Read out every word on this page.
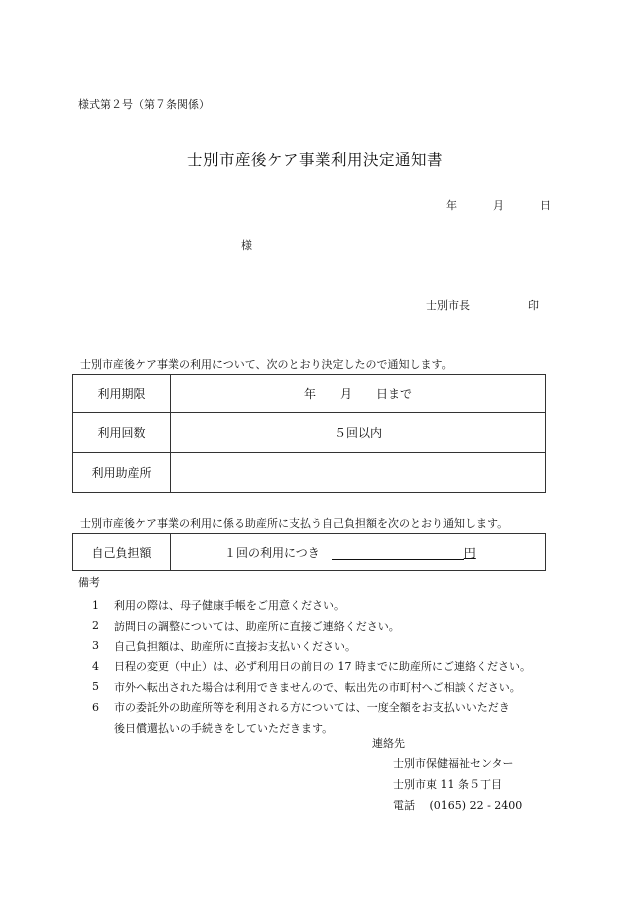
様式第２号（第７条関係）
士別市産後ケア事業利用決定通知書
年	月	日
様
士別市長	印
士別市産後ケア事業の利用について、次のとおり決定したので通知します。
利用期限	年　　月　　日まで
利用回数	５回以内
利用助産所	
士別市産後ケア事業の利用に係る助産所に支払う自己負担額を次のとおり通知します。
自己負担額	１回の利用につき	円
備考
1	利用の際は、母子健康手帳をご用意ください。
2	訪問日の調整については、助産所に直接ご連絡ください。
3	自己負担額は、助産所に直接お支払いください。
4	日程の変更（中止）は、必ず利用日の前日の 17 時までに助産所にご連絡ください。
5	市外へ転出された場合は利用できませんので、転出先の市町村へご相談ください。
6	市の委託外の助産所等を利用される方については、一度全額をお支払いいただき
後日償還払いの手続きをしていただきます。
連絡先
士別市保健福祉センター
士別市東 11 条５丁目
電話　 (0165) 22 ‐ 2400
